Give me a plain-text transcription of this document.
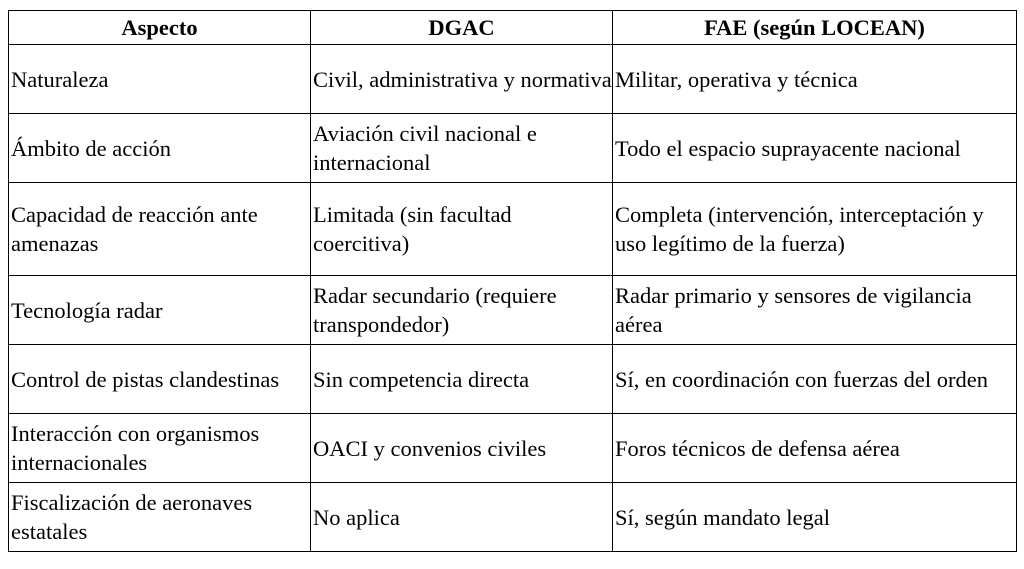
Aspecto	DGAC	FAE (según LOCEAN)
Naturaleza	Civil, administrativa y normativa	Militar, operativa y técnica
Ámbito de acción	Aviación civil nacional e internacional	Todo el espacio suprayacente nacional
Capacidad de reacción ante amenazas	Limitada (sin facultad coercitiva)	Completa (intervención, interceptación y uso legítimo de la fuerza)
Tecnología radar	Radar secundario (requiere transpondedor)	Radar primario y sensores de vigilancia aérea
Control de pistas clandestinas	Sin competencia directa	Sí, en coordinación con fuerzas del orden
Interacción con organismos internacionales	OACI y convenios civiles	Foros técnicos de defensa aérea
Fiscalización de aeronaves estatales	No aplica	Sí, según mandato legal
